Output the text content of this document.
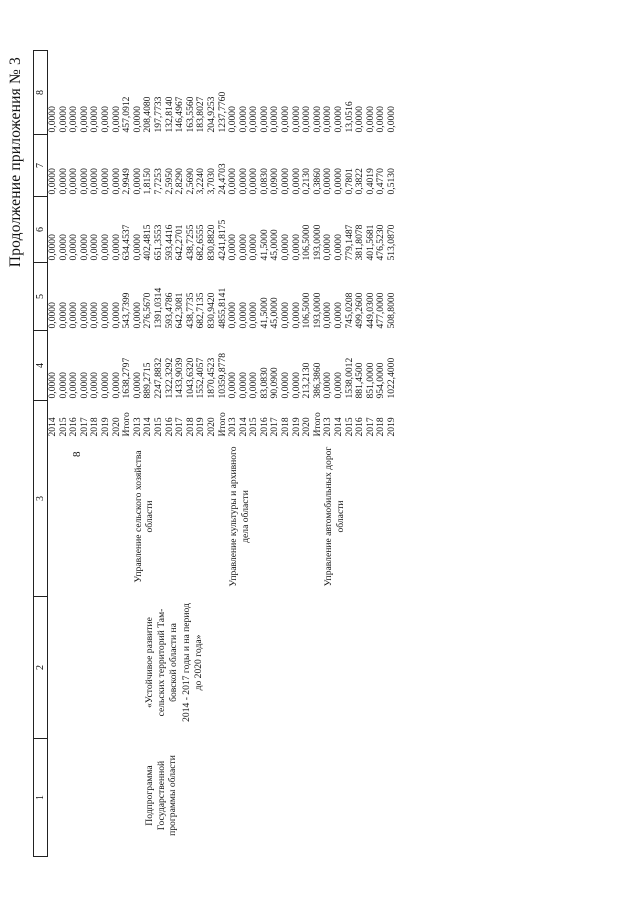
Продолжение приложения № 3
8
1	2	3		4	5	6	7	8

Подпрограмма Государственной программы области	«Устойчивое развитие сельских территорий Там- бовской области на 2014 - 2017 годы и на период до 2020 года»		2014	0,0000	0,0000	0,0000	0,0000	0,0000
			2015	0,0000	0,0000	0,0000	0,0000	0,0000
			2016	0,0000	0,0000	0,0000	0,0000	0,0000
			2017	0,0000	0,0000	0,0000	0,0000	0,0000
			2018	0,0000	0,0000	0,0000	0,0000	0,0000
			2019	0,0000	0,0000	0,0000	0,0000	0,0000
			2020	0,0000	0,0000	0,0000	0,0000	0,0000
			Итого	1638,2797	543,7399	634,4537	2,9949	457,0912

		Управление сельского хозяйства области	2013	0,0000	0,0000	0,0000	0,0000	0,0000
			2014	889,2715	276,5670	402,4815	1,8150	208,4080
			2015	2247,8832	1391,0314	651,3553	7,7253	197,7733
			2016	1322,3292	593,4786	593,4416	2,5950	132,8140
			2017	1433,9039	642,3081	642,2701	2,8290	146,4967
			2018	1043,6320	438,7735	438,7255	2,5690	163,5560
			2019	1552,4057	682,7135	682,6555	3,2240	183,8027
			2020	1870,4523	830,9420	830,8820	3,7030	204,9253
			Итого	10359,8778	4855,8141	4241,8175	24,4703	1237,7760

		Управление культуры и архивного дела области	2013	0,0000	0,0000	0,0000	0,0000	0,0000
			2014	0,0000	0,0000	0,0000	0,0000	0,0000
			2015	0,0000	0,0000	0,0000	0,0000	0,0000
			2016	83,0830	41,5000	41,5000	0,0830	0,0000
			2017	90,0900	45,0000	45,0000	0,0900	0,0000
			2018	0,0000	0,0000	0,0000	0,0000	0,0000
			2019	0,0000	0,0000	0,0000	0,0000	0,0000
			2020	213,2130	106,5000	106,5000	0,2130	0,0000
			Итого	386,3860	193,0000	193,0000	0,3860	0,0000

		Управление автомобильных дорог области	2013	0,0000	0,0000	0,0000	0,0000	0,0000
			2014	0,0000	0,0000	0,0000	0,0000	0,0000
			2015	1538,0012	745,0208	779,1487	0,7801	13,0516
			2016	881,4500	499,2600	381,8078	0,3822	0,0000
			2017	851,0000	449,0300	401,5681	0,4019	0,0000
			2018	954,0000	477,0000	476,5230	0,4770	0,0000
			2019	1022,4000	508,8000	513,0870	0,5130	0,0000
